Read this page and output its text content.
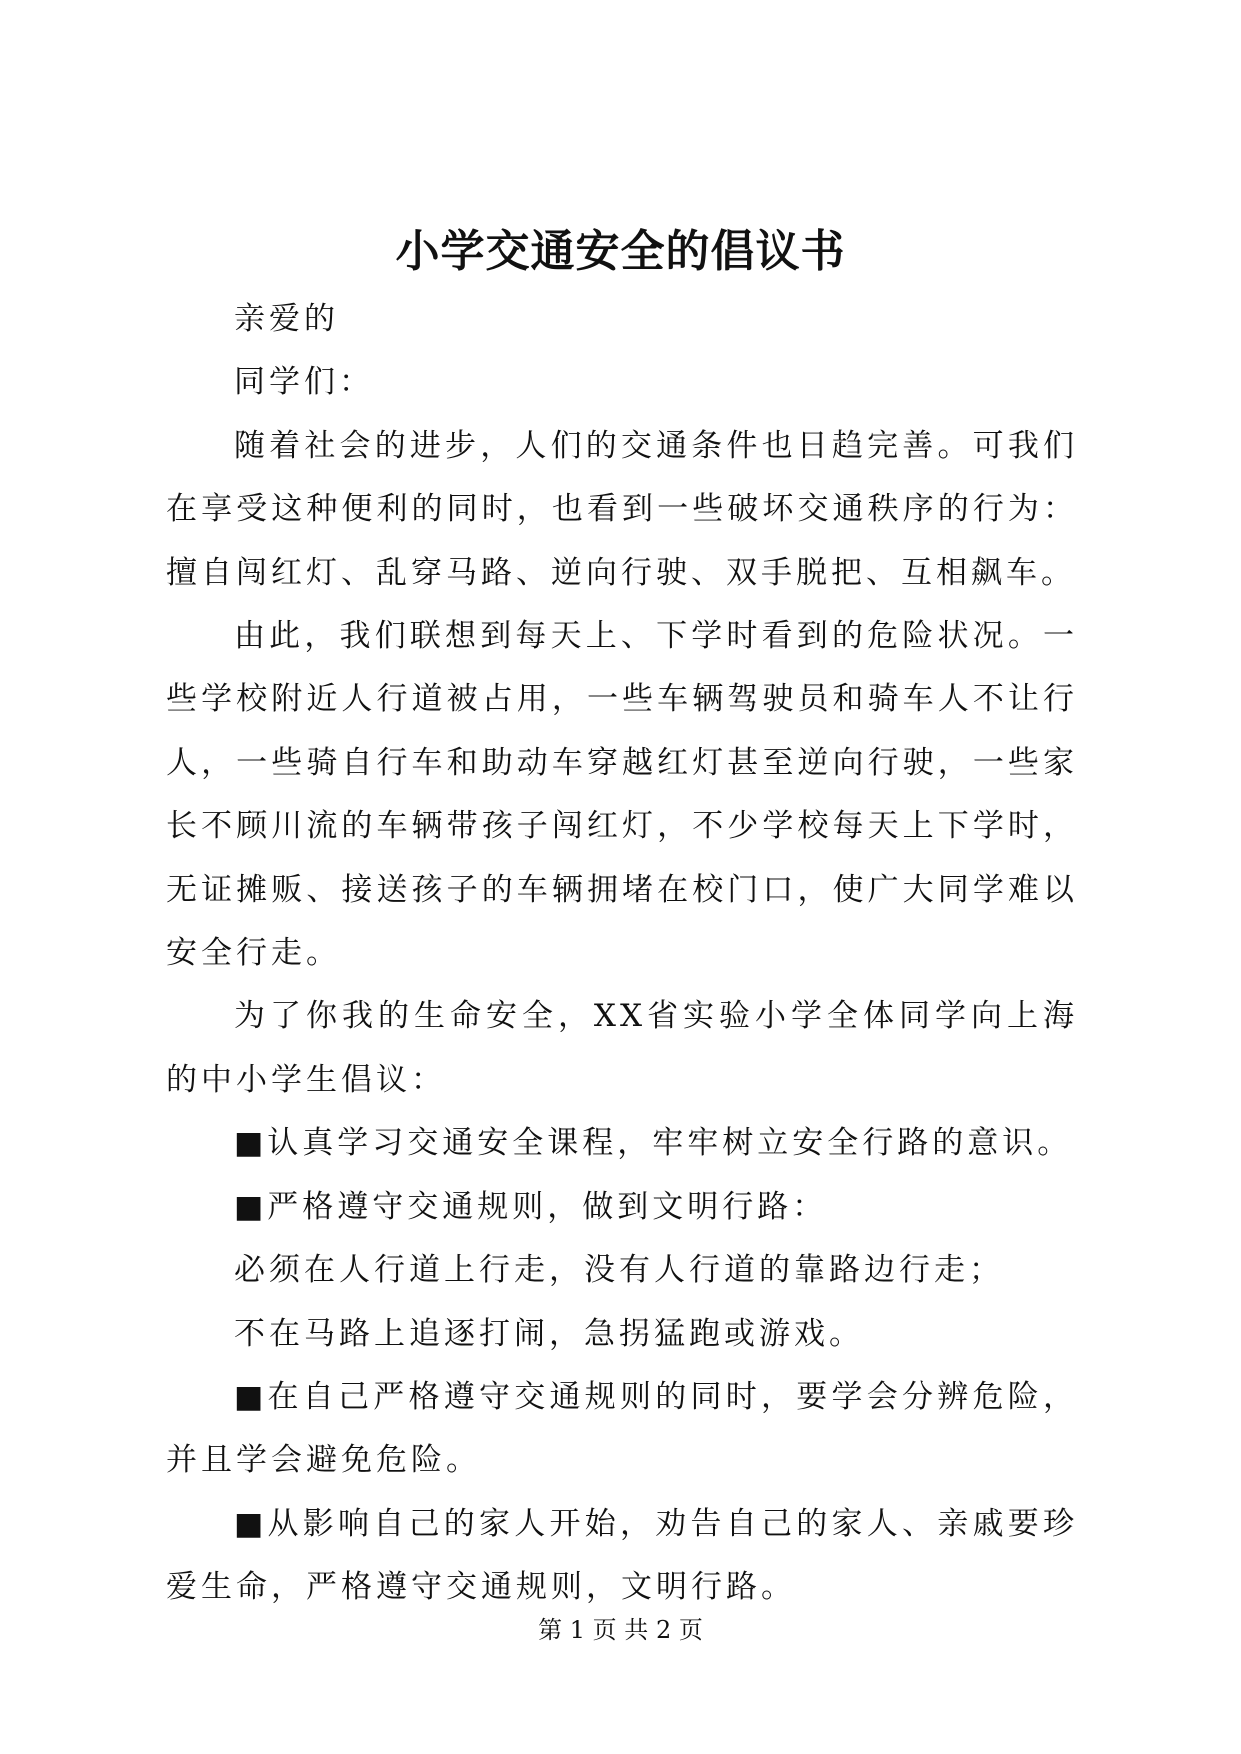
小学交通安全的倡议书

亲爱的

同学们：

随着社会的进步，人们的交通条件也日趋完善。可我们在享受这种便利的同时，也看到一些破坏交通秩序的行为：擅自闯红灯、乱穿马路、逆向行驶、双手脱把、互相飙车。

由此，我们联想到每天上、下学时看到的危险状况。一些学校附近人行道被占用，一些车辆驾驶员和骑车人不让行人，一些骑自行车和助动车穿越红灯甚至逆向行驶，一些家长不顾川流的车辆带孩子闯红灯，不少学校每天上下学时，无证摊贩、接送孩子的车辆拥堵在校门口，使广大同学难以安全行走。

为了你我的生命安全，XX省实验小学全体同学向上海的中小学生倡议：

■认真学习交通安全课程，牢牢树立安全行路的意识。

■严格遵守交通规则，做到文明行路：

必须在人行道上行走，没有人行道的靠路边行走；

不在马路上追逐打闹，急拐猛跑或游戏。

■在自己严格遵守交通规则的同时，要学会分辨危险，并且学会避免危险。

■从影响自己的家人开始，劝告自己的家人、亲戚要珍爱生命，严格遵守交通规则，文明行路。

第 1 页 共 2 页
